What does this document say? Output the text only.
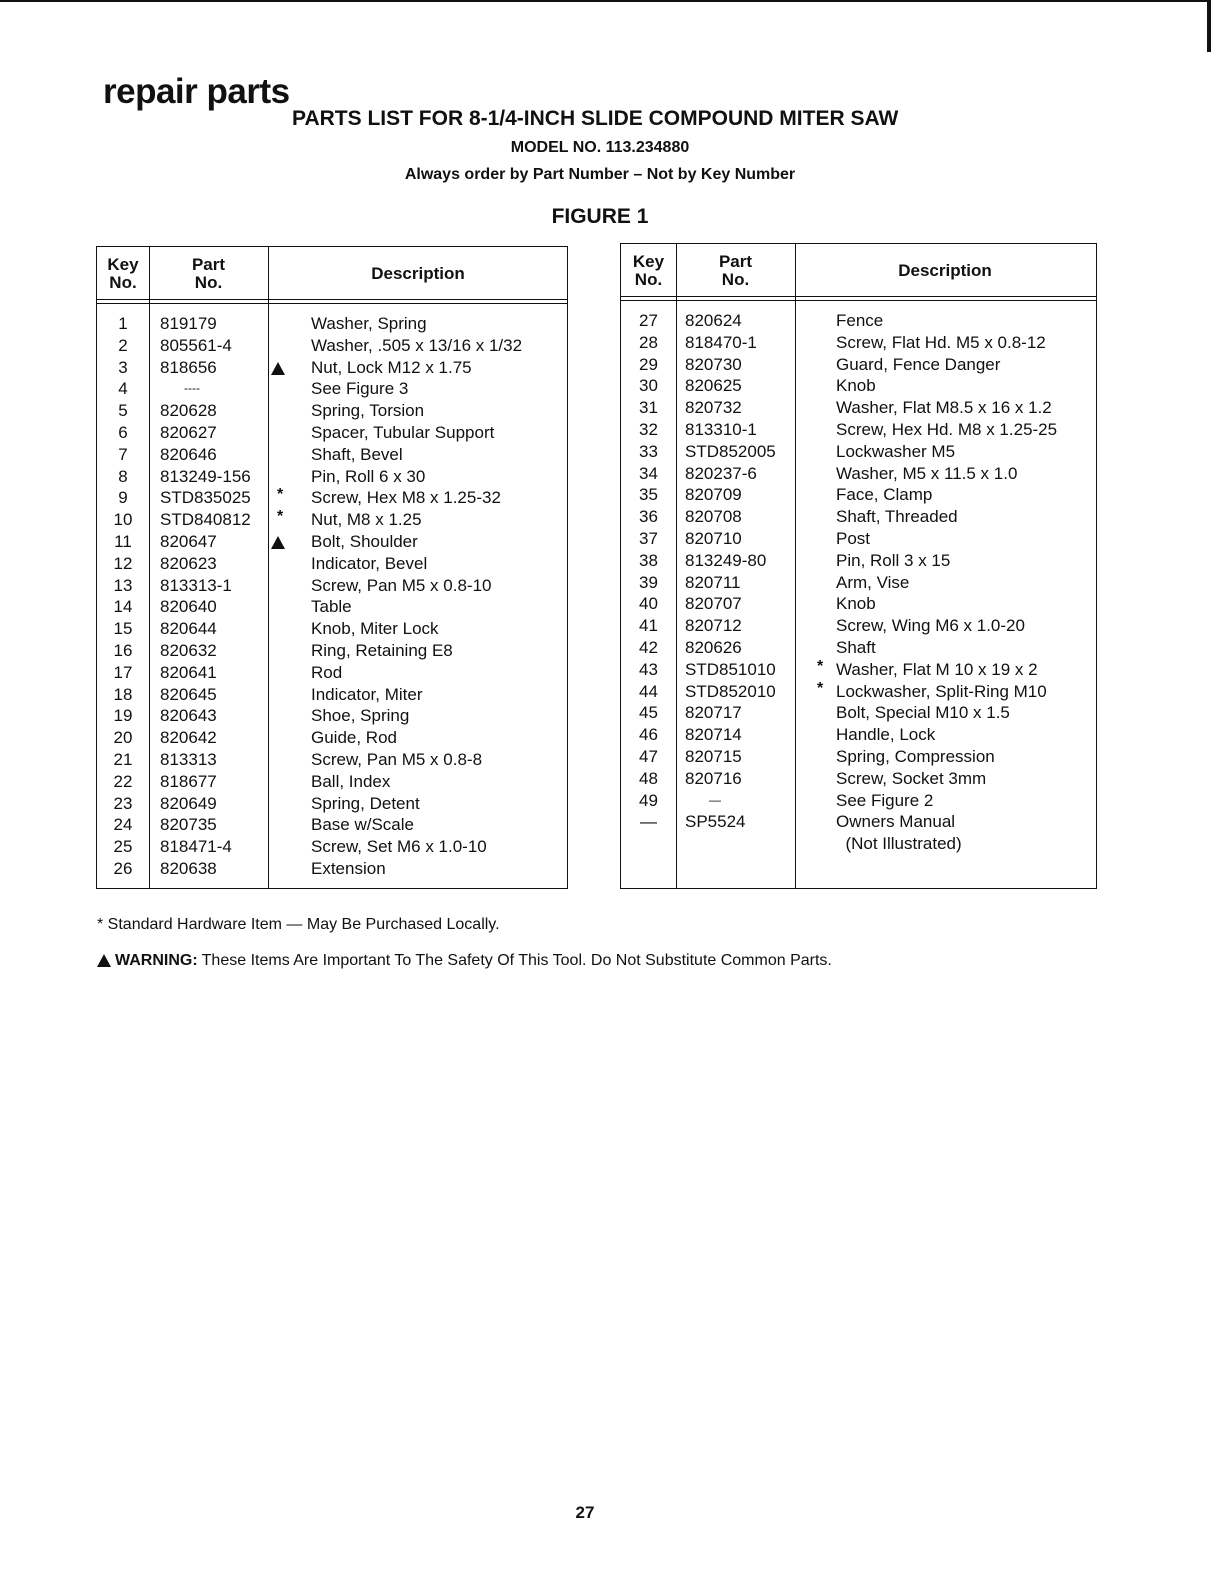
repair parts
PARTS LIST FOR 8-1/4-INCH SLIDE COMPOUND MITER SAW
MODEL NO. 113.234880
Always order by Part Number – Not by Key Number
FIGURE 1
Key
No.
Part
No.	Description
1	819179	Washer, Spring
2	805561-4	Washer, .505 x 13/16 x 1/32
3	818656	Nut, Lock M12 x 1.75
4	----	See Figure 3
5	820628	Spring, Torsion
6	820627	Spacer, Tubular Support
7	820646	Shaft, Bevel
8	813249-156	Pin, Roll 6 x 30
9	STD835025 * Screw, Hex M8 x 1.25-32
10	STD840812 * Nut, M8 x 1.25
11	820647	Bolt, Shoulder
12	820623	Indicator, Bevel
13	813313-1	Screw, Pan M5 x 0.8-10
14	820640	Table
15	820644	Knob, Miter Lock
16	820632	Ring, Retaining E8
17	820641	Rod
18	820645	Indicator, Miter
19	820643	Shoe, Spring
20	820642	Guide, Rod
21	813313	Screw, Pan M5 x 0.8-8
22	818677	Ball, Index
23	820649	Spring, Detent
24	820735	Base w/Scale
25	818471-4	Screw, Set M6 x 1.0-10
26	820638	Extension
Key
No.
Part
No.	Description
27	820624	Fence
28	818470-1	Screw, Flat Hd. M5 x 0.8-12
29	820730	Guard, Fence Danger
30	820625	Knob
31	820732	Washer, Flat M8.5 x 16 x 1.2
32	813310-1	Screw, Hex Hd. M8 x 1.25-25
33	STD852005	Lockwasher M5
34	820237-6	Washer, M5 x 11.5 x 1.0
35	820709	Face, Clamp
36	820708	Shaft, Threaded
37	820710	Post
38	813249-80	Pin, Roll 3 x 15
39	820711	Arm, Vise
40	820707	Knob
41	820712	Screw, Wing M6 x 1.0-20
42	820626	Shaft
43	STD851010	* Washer, Flat M 10 x 19 x 2
44	STD852010	* Lockwasher, Split-Ring M10
45	820717	Bolt, Special M10 x 1.5
46	820714	Handle, Lock
47	820715	Spring, Compression
48	820716	Screw, Socket 3mm
49	—	See Figure 2
—	SP5524	Owners Manual
(Not Illustrated)
* Standard Hardware Item — May Be Purchased Locally.
WARNING: These Items Are Important To The Safety Of This Tool. Do Not Substitute Common Parts.
27
